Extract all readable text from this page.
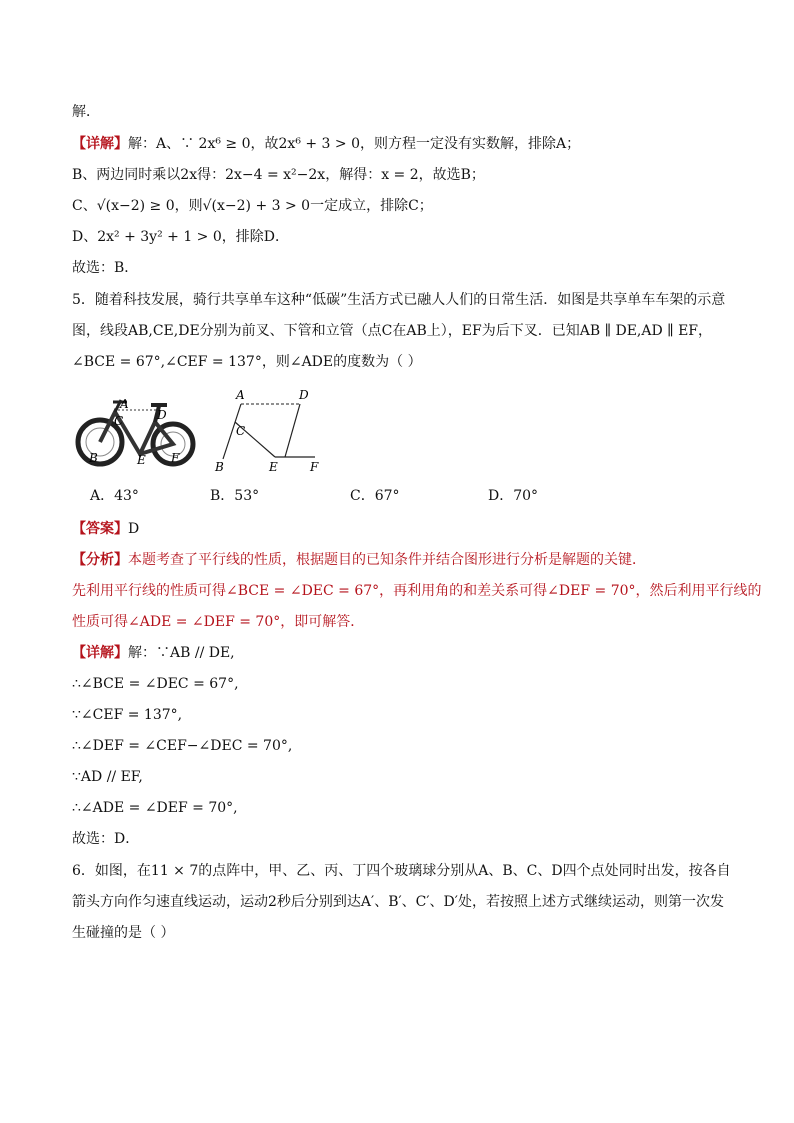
解．
【详解】解：A、∵ 2x⁶ ≥ 0，故2x⁶ + 3 > 0，则方程一定没有实数解，排除A；
B、两边同时乘以2x得：2x−4 = x²−2x，解得：x = 2，故选B；
C、√(x−2) ≥ 0，则√(x−2) + 3 > 0一定成立，排除C；
D、2x² + 3y² + 1 > 0，排除D．
故选：B．
5．随着科技发展，骑行共享单车这种“低碳”生活方式已融人人们的日常生活．如图是共享单车车架的示意
图，线段AB,CE,DE分别为前叉、下管和立管（点C在AB上），EF为后下叉．已知AB ∥ DE,AD ∥ EF，
∠BCE = 67°,∠CEF = 137°，则∠ADE的度数为（ ）
A
C	D
B	E F
A	D
C
B	E	F
A．43°	B．53°	C．67°	D．70°
【答案】D
【分析】本题考查了平行线的性质，根据题目的已知条件并结合图形进行分析是解题的关键．
先利用平行线的性质可得∠BCE = ∠DEC = 67°，再利用角的和差关系可得∠DEF = 70°，然后利用平行线的
性质可得∠ADE = ∠DEF = 70°，即可解答．
【详解】解：∵AB // DE,
∴∠BCE = ∠DEC = 67°,
∵∠CEF = 137°,
∴∠DEF = ∠CEF−∠DEC = 70°,
∵AD // EF,
∴∠ADE = ∠DEF = 70°,
故选：D．
6．如图，在11 × 7的点阵中，甲、乙、丙、丁四个玻璃球分别从A、B、C、D四个点处同时出发，按各自
箭头方向作匀速直线运动，运动2秒后分别到达A′、B′、C′、D′处，若按照上述方式继续运动，则第一次发
生碰撞的是（ ）
